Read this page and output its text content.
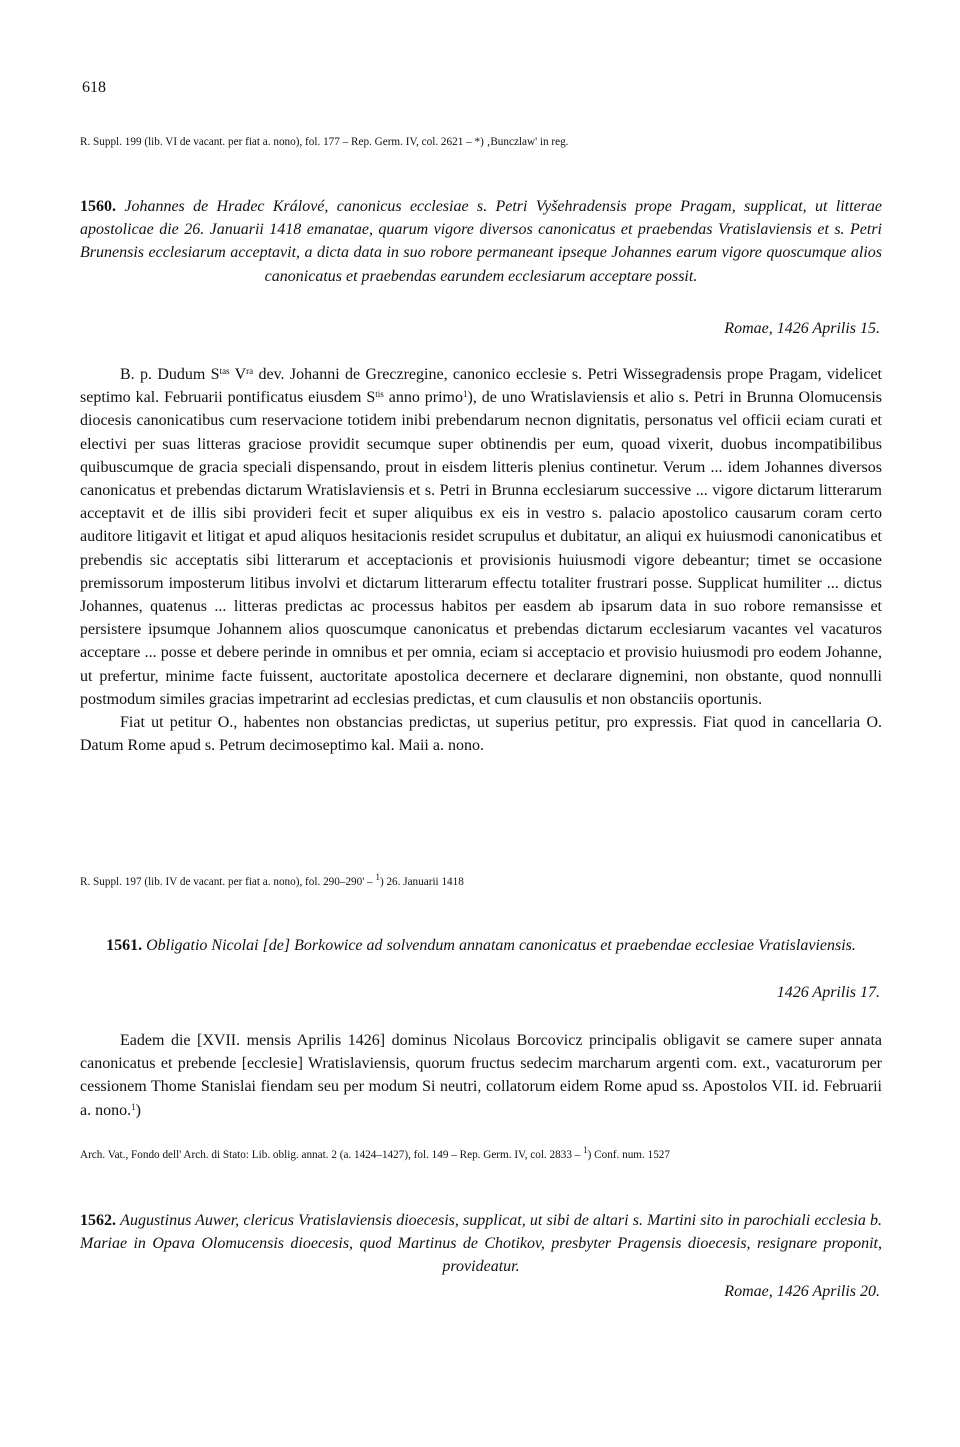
618
R. Suppl. 199 (lib. VI de vacant. per fiat a. nono), fol. 177 – Rep. Germ. IV, col. 2621 – *) ‚Bunczlaw' in reg.
1560. Johannes de Hradec Králové, canonicus ecclesiae s. Petri Vyšehradensis prope Pragam, supplicat, ut litterae apostolicae die 26. Januarii 1418 emanatae, quarum vigore diversos canonicatus et praebendas Vratislaviensis et s. Petri Brunensis ecclesiarum acceptavit, a dicta data in suo robore permaneant ipseque Johannes earum vigore quoscumque alios canonicatus et praebendas earundem ecclesiarum acceptare possit.
Romae, 1426 Aprilis 15.

B. p. Dudum $S^{tas}$ $V^{ra}$ dev. Johanni de Greczregine, canonico ecclesie s. Petri Wissegradensis prope Pragam, videlicet septimo kal. Februarii pontificatus eiusdem $S^{tis}$ anno primo$^1$), de uno Wratislaviensis et alio s. Petri in Brunna Olomucensis diocesis canonicatibus cum reservacione totidem inibi prebendarum necnon dignitatis, personatus vel officii eciam curati et electivi per suas litteras graciose providit secumque super obtinendis per eum, quoad vixerit, duobus incompatibilibus quibuscumque de gracia speciali dispensando, prout in eisdem litteris plenius continetur. Verum ... idem Johannes diversos canonicatus et prebendas dictarum Wratislaviensis et s. Petri in Brunna ecclesiarum successive ... vigore dictarum litterarum acceptavit et de illis sibi provideri fecit et super aliquibus ex eis in vestro s. palacio apostolico causarum coram certo auditore litigavit et litigat et apud aliquos hesitacionis residet scrupulus et dubitatur, an aliqui ex huiusmodi canonicatibus et prebendis sic acceptatis sibi litterarum et acceptacionis et provisionis huiusmodi vigore debeantur; timet se occasione premissorum imposterum litibus involvi et dictarum litterarum effectu totaliter frustrari posse. Supplicat humiliter ... dictus Johannes, quatenus ... litteras predictas ac processus habitos per easdem ab ipsarum data in suo robore remansisse et persistere ipsumque Johannem alios quoscumque canonicatus et prebendas dictarum ecclesiarum vacantes vel vacaturos acceptare ... posse et debere perinde in omnibus et per omnia, eciam si acceptacio et provisio huiusmodi pro eodem Johanne, ut prefertur, minime facte fuissent, auctoritate apostolica decernere et declarare dignemini, non obstante, quod nonnulli postmodum similes gracias impetrarint ad ecclesias predictas, et cum clausulis et non obstanciis oportunis.

Fiat ut petitur O., habentes non obstancias predictas, ut superius petitur, pro expressis. Fiat quod in cancellaria O. Datum Rome apud s. Petrum decimoseptimo kal. Maii a. nono.

R. Suppl. 197 (lib. IV de vacant. per fiat a. nono), fol. 290–290' – $^1$) 26. Januarii 1418
1561. Obligatio Nicolai [de] Borkowice ad solvendum annatam canonicatus et praebendae ecclesiae Vratislaviensis.
1426 Aprilis 17.

Eadem die [XVII. mensis Aprilis 1426] dominus Nicolaus Borcovicz principalis obligavit se camere super annata canonicatus et prebende [ecclesie] Wratislaviensis, quorum fructus sedecim marcharum argenti com. ext., vacaturorum per cessionem Thome Stanislai fiendam seu per modum Si neutri, collatorum eidem Rome apud ss. Apostolos VII. id. Februarii a. nono.$^1$)

Arch. Vat., Fondo dell' Arch. di Stato: Lib. oblig. annat. 2 (a. 1424–1427), fol. 149 – Rep. Germ. IV, col. 2833 – $^1$) Conf. num. 1527
1562. Augustinus Auwer, clericus Vratislaviensis dioecesis, supplicat, ut sibi de altari s. Martini sito in parochiali ecclesia b. Mariae in Opava Olomucensis dioecesis, quod Martinus de Chotikov, presbyter Pragensis dioecesis, resignare proponit, provideatur.
Romae, 1426 Aprilis 20.
